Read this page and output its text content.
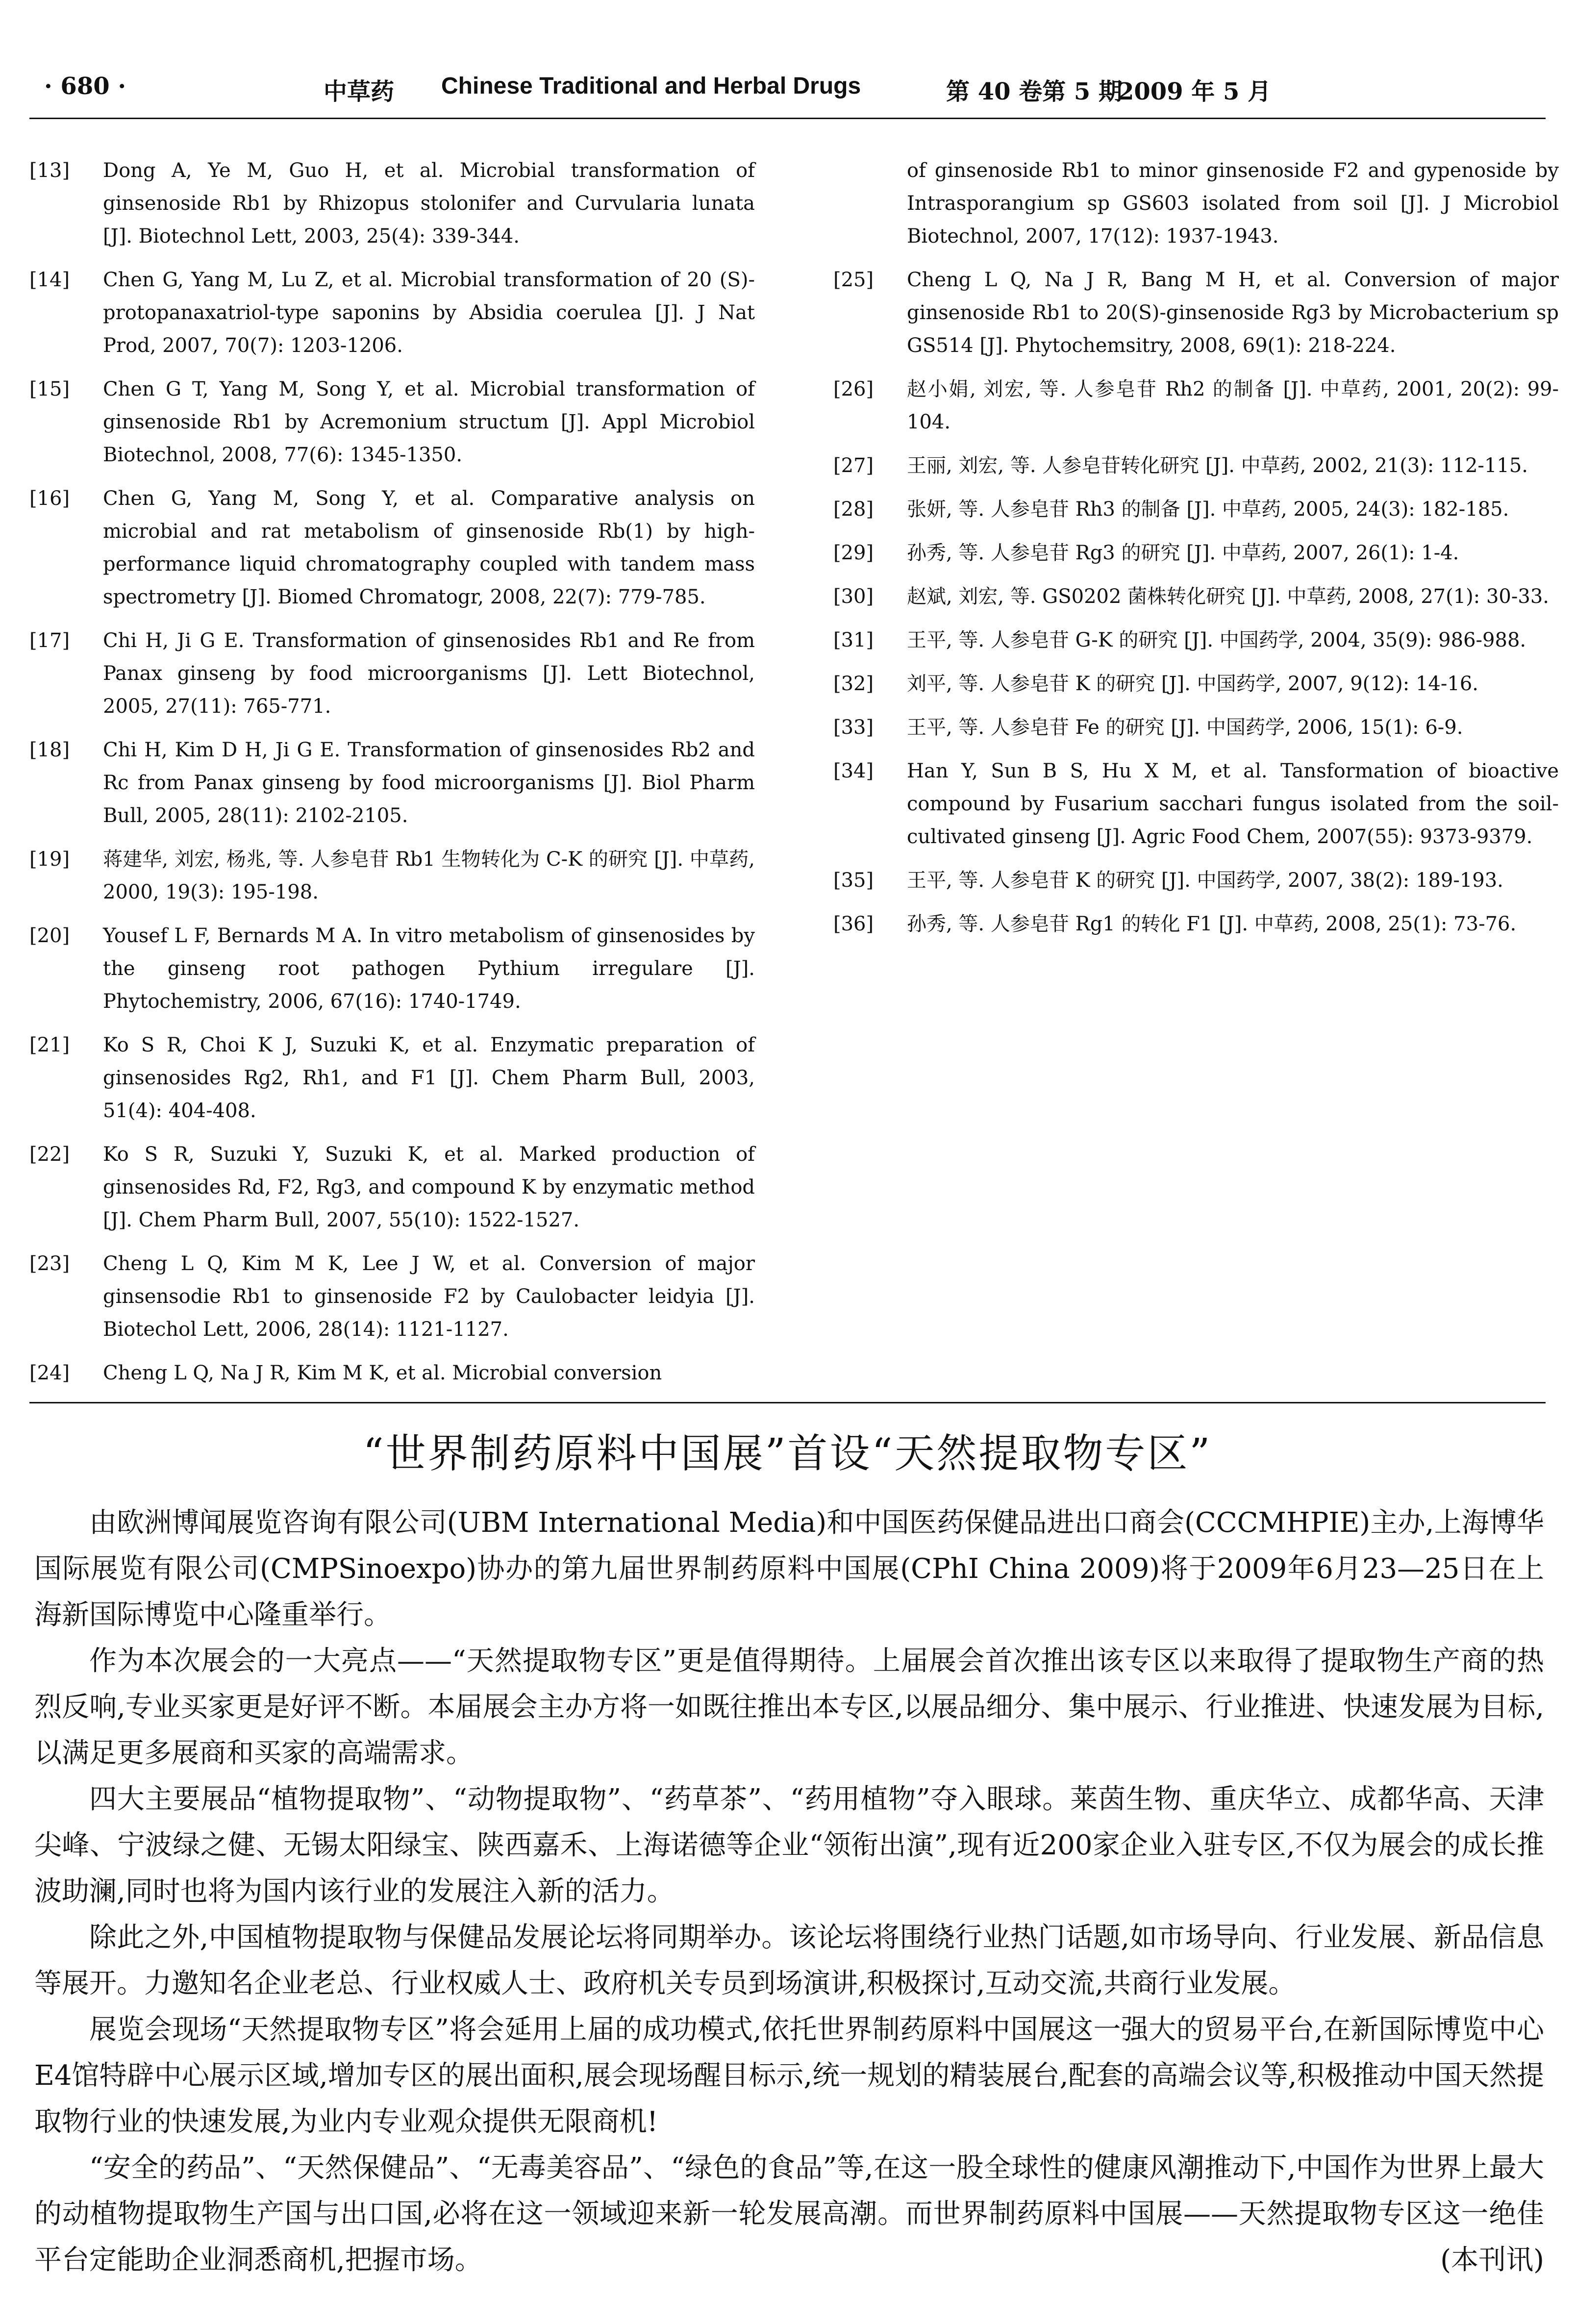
· 680 ·	中草药 Chinese Traditional and Herbal Drugs	第 40 卷第 5 期
2009 年 5 月
[13]	Dong A, Ye M, Guo H, et al. Microbial transformation of ginsenoside Rb1 by Rhizopus stolonifer and Curvularia lunata [J]. Biotechnol Lett, 2003, 25(4): 339-344.
[14]	Chen G, Yang M, Lu Z, et al. Microbial transformation of 20 (S)-protopanaxatriol-type saponins by Absidia coerulea [J]. J Nat Prod, 2007, 70(7): 1203-1206.
[15]	Chen G T, Yang M, Song Y, et al. Microbial transformation of ginsenoside Rb1 by Acremonium structum [J]. Appl Microbiol Biotechnol, 2008, 77(6): 1345-1350.
[16]	Chen G, Yang M, Song Y, et al. Comparative analysis on microbial and rat metabolism of ginsenoside Rb(1) by high-performance liquid chromatography coupled with tandem mass spectrometry [J]. Biomed Chromatogr, 2008, 22(7): 779-785.
[17]	Chi H, Ji G E. Transformation of ginsenosides Rb1 and Re from Panax ginseng by food microorganisms [J]. Lett Biotechnol, 2005, 27(11): 765-771.
[18]	Chi H, Kim D H, Ji G E. Transformation of ginsenosides Rb2 and Rc from Panax ginseng by food microorganisms [J]. Biol Pharm Bull, 2005, 28(11): 2102-2105.
[19]	蒋建华, 刘宏, 杨兆, 等. 人参皂苷 Rb1 生物转化为 C-K 的研究 [J]. 中草药, 2000, 19(3): 195-198.
[20]	Yousef L F, Bernards M A. In vitro metabolism of ginsenosides by the ginseng root pathogen Pythium irregulare [J]. Phytochemistry, 2006, 67(16): 1740-1749.
[21]	Ko S R, Choi K J, Suzuki K, et al. Enzymatic preparation of ginsenosides Rg2, Rh1, and F1 [J]. Chem Pharm Bull, 2003, 51(4): 404-408.
[22]	Ko S R, Suzuki Y, Suzuki K, et al. Marked production of ginsenosides Rd, F2, Rg3, and compound K by enzymatic method [J]. Chem Pharm Bull, 2007, 55(10): 1522-1527.
[23]	Cheng L Q, Kim M K, Lee J W, et al. Conversion of major ginsensodie Rb1 to ginsenoside F2 by Caulobacter leidyia [J]. Biotechol Lett, 2006, 28(14): 1121-1127.
[24]	Cheng L Q, Na J R, Kim M K, et al. Microbial conversion
of ginsenoside Rb1 to minor ginsenoside F2 and gypenoside by Intrasporangium sp GS603 isolated from soil [J]. J Microbiol Biotechnol, 2007, 17(12): 1937-1943.
[25]	Cheng L Q, Na J R, Bang M H, et al. Conversion of major ginsenoside Rb1 to 20(S)-ginsenoside Rg3 by Microbacterium sp GS514 [J]. Phytochemsitry, 2008, 69(1): 218-224.
[26]	赵小娟, 刘宏, 等. 人参皂苷 Rh2 的制备 [J]. 中草药, 2001, 20(2): 99-104.
[27]	王丽, 刘宏, 等. 人参皂苷转化研究 [J]. 中草药, 2002, 21(3): 112-115.
[28]	张妍, 等. 人参皂苷 Rh3 的制备 [J]. 中草药, 2005, 24(3): 182-185.
[29]	孙秀, 等. 人参皂苷 Rg3 的研究 [J]. 中草药, 2007, 26(1): 1-4.
[30]	赵斌, 刘宏, 等. GS0202 菌株转化研究 [J]. 中草药, 2008, 27(1): 30-33.
[31]	王平, 等. 人参皂苷 G-K 的研究 [J]. 中国药学, 2004, 35(9): 986-988.
[32]	刘平, 等. 人参皂苷 K 的研究 [J]. 中国药学, 2007, 9(12): 14-16.
[33]	王平, 等. 人参皂苷 Fe 的研究 [J]. 中国药学, 2006, 15(1): 6-9.
[34]	Han Y, Sun B S, Hu X M, et al. Tansformation of bioactive compound by Fusarium sacchari fungus isolated from the soil-cultivated ginseng [J]. Agric Food Chem, 2007(55): 9373-9379.
[35]	王平, 等. 人参皂苷 K 的研究 [J]. 中国药学, 2007, 38(2): 189-193.
[36]	孙秀, 等. 人参皂苷 Rg1 的转化 F1 [J]. 中草药, 2008, 25(1): 73-76.
“世界制药原料中国展”首设“天然提取物专区”

由欧洲博闻展览咨询有限公司(UBM International Media)和中国医药保健品进出口商会(CCCMHPIE)主办,上海博华国际展览有限公司(CMPSinoexpo)协办的第九届世界制药原料中国展(CPhI China 2009)将于2009年6月23—25日在上海新国际博览中心隆重举行。

作为本次展会的一大亮点——“天然提取物专区”更是值得期待。上届展会首次推出该专区以来取得了提取物生产商的热烈反响,专业买家更是好评不断。本届展会主办方将一如既往推出本专区,以展品细分、集中展示、行业推进、快速发展为目标,以满足更多展商和买家的高端需求。

四大主要展品“植物提取物”、“动物提取物”、“药草茶”、“药用植物”夺入眼球。莱茵生物、重庆华立、成都华高、天津尖峰、宁波绿之健、无锡太阳绿宝、陕西嘉禾、上海诺德等企业“领衔出演”,现有近200家企业入驻专区,不仅为展会的成长推波助澜,同时也将为国内该行业的发展注入新的活力。

除此之外,中国植物提取物与保健品发展论坛将同期举办。该论坛将围绕行业热门话题,如市场导向、行业发展、新品信息等展开。力邀知名企业老总、行业权威人士、政府机关专员到场演讲,积极探讨,互动交流,共商行业发展。

展览会现场“天然提取物专区”将会延用上届的成功模式,依托世界制药原料中国展这一强大的贸易平台,在新国际博览中心E4馆特辟中心展示区域,增加专区的展出面积,展会现场醒目标示,统一规划的精装展台,配套的高端会议等,积极推动中国天然提取物行业的快速发展,为业内专业观众提供无限商机!

“安全的药品”、“天然保健品”、“无毒美容品”、“绿色的食品”等,在这一股全球性的健康风潮推动下,中国作为世界上最大的动植物提取物生产国与出口国,必将在这一领域迎来新一轮发展高潮。而世界制药原料中国展——天然提取物专区这一绝佳平台定能助企业洞悉商机,把握市场。	(本刊讯)
